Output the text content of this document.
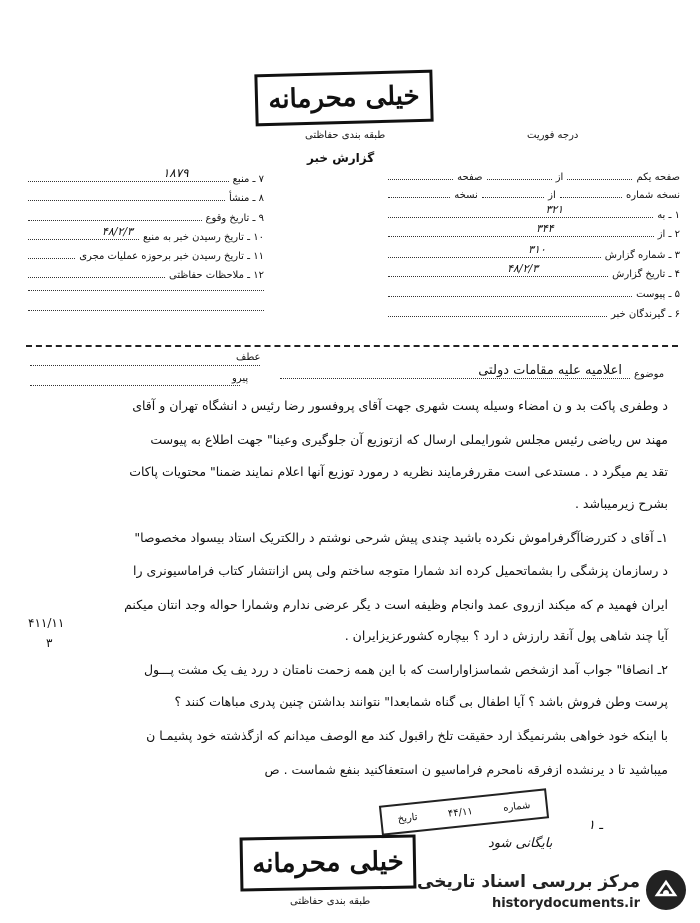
خیلی محرمانه
طبقه بندی حفاظتی	درجه فوریت
گزارش خبر
صفحه یکم
از
صفحه
نسخه شماره
از
نسخه
۱ ـ به
۳۲۱
۲ ـ از
۳۴۴
۳ ـ شماره گزارش
۳۱۰
۴ ـ تاریخ گزارش
۴۸/۲/۳
۵ ـ پیوست
۶ ـ گیرندگان خبر
۷ ـ منبع
۱۸۷۹
۸ ـ منشأ
۹ ـ تاریخ وقوع
۱۰ ـ تاریخ رسیدن خبر به منبع
۴۸/۲/۳
۱۱ ـ تاریخ رسیدن خبر برحوزه عملیات مجری
۱۲ ـ ملاحظات حفاظتی
عطف
پیرو	موضوع
اعلامیه علیه مقامات دولتی
د وطفری پاکت بد و ن امضاء وسیله پست شهری جهت آقای پروفسور رضا رئیس د انشگاه تهران و آقای
مهند س ریاضی رئیس مجلس شورایملی ارسال که ازتوزیع آن جلوگیری وعینا" جهت اطلاع به پیوست
تقد یم میگرد د . مستدعی است مقررفرمایند نظریه د رمورد توزیع آنها اعلام نمایند ضمنا" محتویات پاکات
بشرح زیرمیباشد .
۱ـ آقای د کتررضاآگرفراموش نکرده باشید چندی پیش شرحی نوشتم د رالکتریک استاد بیسواد مخصوصا"
د رسازمان پزشگی را بشماتحمیل کرده اند شمارا متوجه ساختم ولی پس ازانتشار کتاب فراماسیونری را
ایران فهمید م که میکند ازروی عمد وانجام وظیفه است د یگر عرضی ندارم وشمارا حواله وجد انتان میکنم
آیا چند شاهی پول آنقد رارزش د ارد ؟ بیچاره کشورعزیزایران .
۲ـ انصافا" جواب آمد ازشخص شماسزاواراست که با این همه زحمت نامتان د ررد یف یک مشت پـــول
پرست وطن فروش باشد ؟ آیا اطفال بی گناه شمابعدا" نتوانند بداشتن چنین پدری مباهات کنند ؟
با اینکه خود خواهی بشرنمیگذ ارد حقیقت تلخ راقبول کند مع الوصف میدانم که ازگذشته خود پشیمـا ن
میباشید تا د یرنشده ازفرقه نامحرم فراماسیو ن استعفاکنید بنفع شماست . ص
۴۱۱/۱۱
۳
شماره
۴۴/۱۱
تاریخ
۱ ـ
بایگانی شود
خیلی محرمانه
طبقه بندی حفاظتی
مرکز بررسی اسناد تاریخی
historydocuments.ir
